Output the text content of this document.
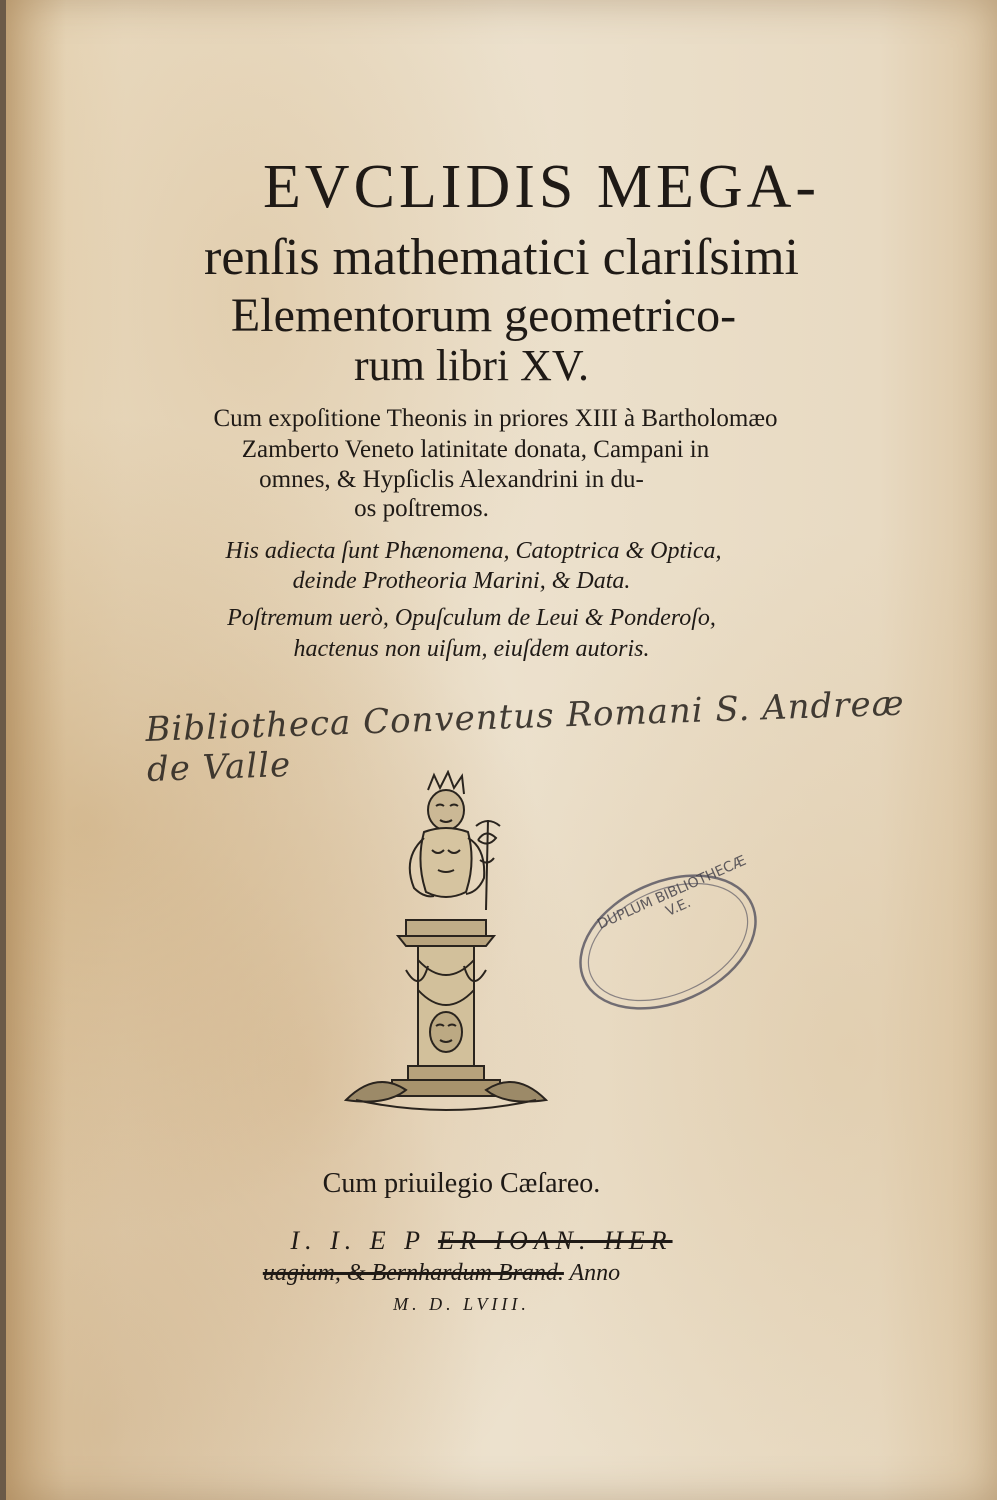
EVCLIDIS MEGA-
renſis mathematici clariſsimi
Elementorum geometrico-
rum libri XV.
Cum expoſitione Theonis in priores XIII à Bartholomæo
Zamberto Veneto latinitate donata, Campani in
omnes, & Hypſiclis Alexandrini in du-
os poſtremos.
His adiecta ſunt Phænomena, Catoptrica & Optica,
deinde Protheoria Marini, & Data.
Poſtremum uerò, Opuſculum de Leui & Ponderoſo,
hactenus non uiſum, eiuſdem autoris.
Bibliotheca Conventus Romani S. Andreæ de Valle
DUPLUM BIBLIOTHECÆ V.E.
Cum priuilegio Cæſareo.
I. I. E P ER IOAN. HER
uagium, & Bernhardum Brand. Anno
M. D. LVIII.
